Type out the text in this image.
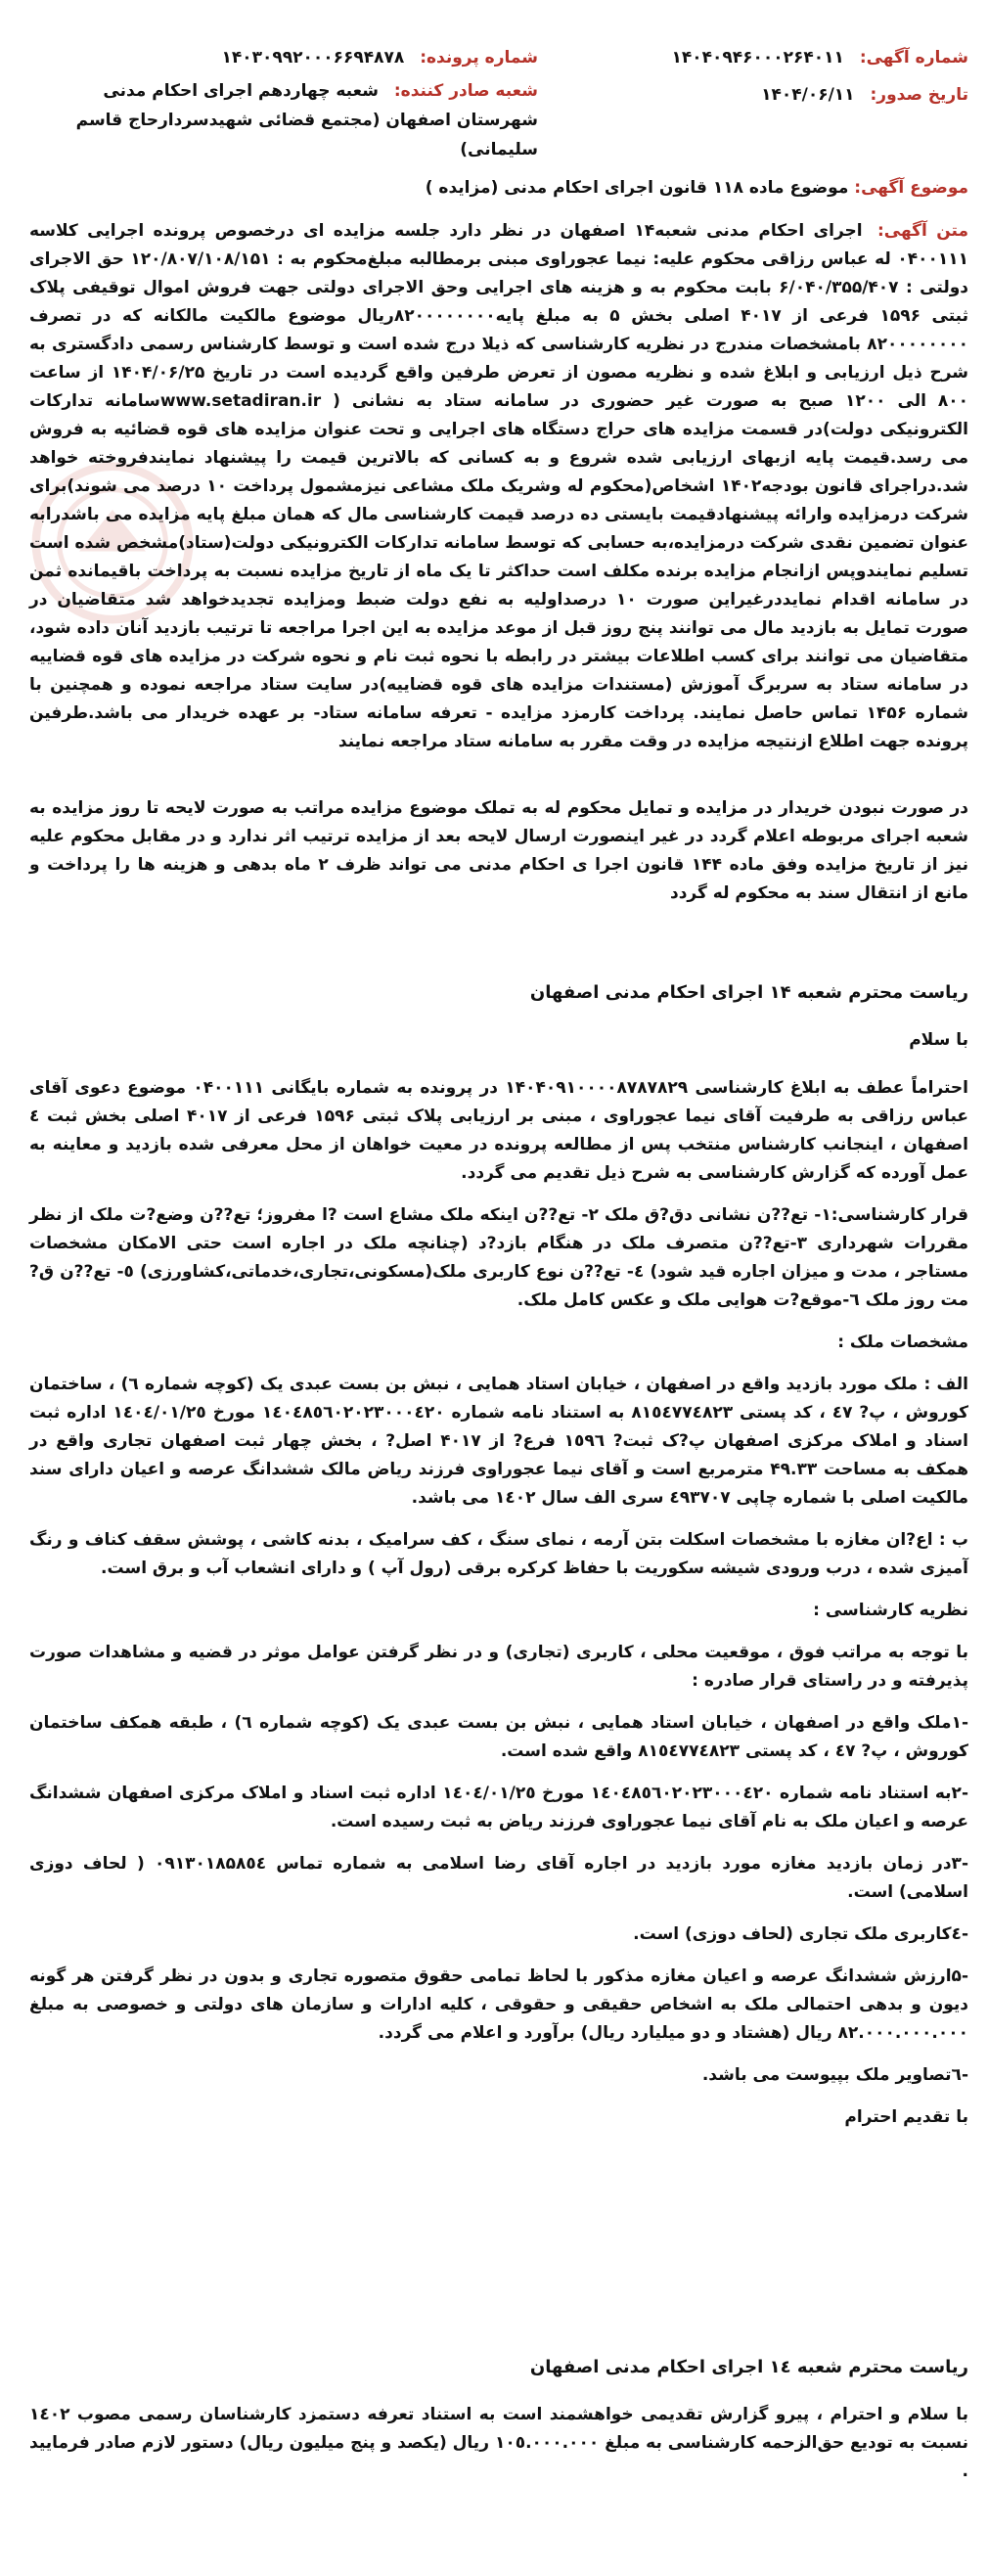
شماره آگهی: ۱۴۰۴۰۹۴۶۰۰۰۲۶۴۰۱۱
تاریخ صدور: ۱۴۰۴/۰۶/۱۱
شماره پرونده: ۱۴۰۳۰۹۹۲۰۰۰۶۶۹۴۸۷۸
شعبه صادر کننده: شعبه چهاردهم اجرای احکام مدنی شهرستان اصفهان (مجتمع قضائی شهیدسردارحاج قاسم سلیمانی)
موضوع آگهی: موضوع ماده ۱۱۸ قانون اجرای احکام مدنی (مزایده )
متن آگهی: اجرای احکام مدنی شعبه۱۴ اصفهان در نظر دارد جلسه مزایده ای درخصوص پرونده اجرایی کلاسه ۰۴۰۰۱۱۱ له عباس رزاقی محکوم علیه: نیما عجوراوی مبنی برمطالبه مبلغ‌محکوم به : ۱۲۰/۸۰۷/۱۰۸/۱۵۱ حق الاجرای دولتی : ۶/۰۴۰/۳۵۵/۴۰۷ بابت محکوم به و هزینه های اجرایی وحق الاجرای دولتی جهت فروش اموال توقیفی پلاک ثبتی ۱۵۹۶ فرعی از ۴۰۱۷ اصلی بخش ۵ به مبلغ پایه۸۲۰۰۰۰۰۰۰۰ریال موضوع مالکیت مالکانه که در تصرف ۸۲۰۰۰۰۰۰۰۰ بامشخصات مندرج در نظریه کارشناسی که ذیلا درج شده است و توسط کارشناس رسمی دادگستری به شرح ذیل ارزیابی و ابلاغ شده و نظریه مصون از تعرض طرفین واقع گردیده است در تاریخ ۱۴۰۴/۰۶/۲۵ از ساعت ۸۰۰ الی ۱۲۰۰ صبح به صورت غیر حضوری در سامانه ستاد به نشانی ( www.setadiran.irسامانه تدارکات الکترونیکی دولت)در قسمت مزایده های حراج دستگاه های اجرایی و تحت عنوان مزایده های قوه قضائیه به فروش می رسد.قیمت پایه ازبهای ارزیابی شده شروع و به کسانی که بالاترین قیمت را پیشنهاد نمایندفروخته خواهد شد.دراجرای قانون بودجه۱۴۰۲ اشخاص(محکوم له وشریک ملک مشاعی نیزمشمول پرداخت ۱۰ درصد می شوند)برای شرکت درمزایده وارائه پیشنهادقیمت بایستی ده درصد قیمت کارشناسی مال که همان مبلغ پایه مزایده می باشدرابه عنوان تضمین نقدی شرکت درمزایده،به حسابی که توسط سامانه تدارکات الکترونیکی دولت(ستاد)مشخص شده است تسلیم نمایندوپس ازانجام مزایده برنده مکلف است حداکثر تا یک ماه از تاریخ مزایده نسبت به پرداخت باقیمانده ثمن در سامانه اقدام نمایددرغیراین صورت ۱۰ درصداولیه به نفع دولت ضبط ومزایده تجدیدخواهد شد متقاضیان در صورت تمایل به بازدید مال می توانند پنج روز قبل از موعد مزایده به این اجرا مراجعه تا ترتیب بازدید آنان داده شود، متقاضیان می توانند برای کسب اطلاعات بیشتر در رابطه با نحوه ثبت نام و نحوه شرکت در مزایده های قوه قضاییه در سامانه ستاد به سربرگ آموزش (مستندات مزایده های قوه قضاییه)در سایت ستاد مراجعه نموده و همچنین با شماره ۱۴۵۶ تماس حاصل نمایند. پرداخت کارمزد مزایده - تعرفه سامانه ستاد- بر عهده خریدار می باشد.طرفین پرونده جهت اطلاع ازنتیجه مزایده در وقت مقرر به سامانه ستاد مراجعه نمایند
در صورت نبودن خریدار در مزایده و تمایل محکوم له به تملک موضوع مزایده مراتب به صورت لایحه تا روز مزایده به شعبه اجرای مربوطه اعلام گردد در غیر اینصورت ارسال لایحه بعد از مزایده ترتیب اثر ندارد و در مقابل محکوم علیه نیز از تاریخ مزایده وفق ماده ۱۴۴ قانون اجرا ی احکام مدنی می تواند ظرف ۲ ماه بدهی و هزینه ها را پرداخت و مانع از انتقال سند به محکوم له گردد

ریاست محترم شعبه ۱۴ اجرای احکام مدنی اصفهان

با سلام

احتراماً عطف به ابلاغ کارشناسی ۱۴۰۴۰۹۱۰۰۰۰۸۷۸۷۸۲۹ در پرونده به شماره بایگانی ۰۴۰۰۱۱۱ موضوع دعوی آقای عباس رزاقی به طرفیت آقای نیما عجوراوی ، مبنی بر ارزیابی پلاک ثبتی ۱۵۹۶ فرعی از ۴۰۱۷ اصلی بخش ثبت ٤ اصفهان ، اینجانب کارشناس منتخب پس از مطالعه پرونده در معیت خواهان از محل معرفی شده بازدید و معاینه به عمل آورده که گزارش کارشناسی به شرح ذیل تقدیم می گردد.

قرار کارشناسی:۱- تع??ن نشانی دق?ق ملک ۲- تع??ن اینکه ملک مشاع است ?ا مفروز؛ تع??ن وضع?ت ملک از نظر مقررات شهرداری ۳-تع??ن متصرف ملک در هنگام بازد?د (چنانچه ملک در اجاره است حتی الامکان مشخصات مستاجر ، مدت و میزان اجاره قید شود) ٤- تع??ن نوع کاربری ملک(مسکونی،تجاری،خدماتی،کشاورزی) ٥- تع??ن ق?مت روز ملک ٦-موقع?ت هوایی ملک و عکس کامل ملک.

مشخصات ملک :

الف : ملک مورد بازدید واقع در اصفهان ، خیابان استاد همایی ، نبش بن بست عبدی یک (کوچه شماره ٦) ، ساختمان کوروش ، پ? ٤٧ ، کد پستی ۸۱٥٤٧٧٤٨٢٣ به استناد نامه شماره ۱٤٠٤٨٥٦٠٢٠٢٣٠٠٠٤٢٠ مورخ ۱٤٠٤/۰۱/۲٥ اداره ثبت اسناد و املاک مرکزی اصفهان پ?ک ثبت? ۱٥٩٦ فرع? از ۴۰۱۷ اصل? ، بخش چهار ثبت اصفهان تجاری واقع در همکف به مساحت ۴۹.۳۳ مترمربع است و آقای نیما عجوراوی فرزند ریاض مالک ششدانگ عرصه و اعیان دارای سند مالکیت اصلی با شماره چاپی ٤٩٣٧٠٧ سری الف سال ۱٤٠٢ می باشد.

ب : اع?ان مغازه با مشخصات اسکلت بتن آرمه ، نمای سنگ ، کف سرامیک ، بدنه کاشی ، پوشش سقف کناف و رنگ آمیزی شده ، درب ورودی شیشه سکوریت با حفاظ کرکره برقی (رول آپ ) و دارای انشعاب آب و برق است.

نظریه کارشناسی :

با توجه به مراتب فوق ، موقعیت محلی ، کاربری (تجاری) و در نظر گرفتن عوامل موثر در قضیه و مشاهدات صورت پذیرفته و در راستای قرار صادره :

-۱ملک واقع در اصفهان ، خیابان استاد همایی ، نبش بن بست عبدی یک (کوچه شماره ٦) ، طبقه همکف ساختمان کوروش ، پ? ٤٧ ، کد پستی ۸۱٥٤٧٧٤٨٢٣ واقع شده است.

-۲به استناد نامه شماره ۱٤٠٤٨٥٦٠٢٠٢٣٠٠٠٤٢٠ مورخ ۱٤٠٤/۰۱/۲٥ اداره ثبت اسناد و املاک مرکزی اصفهان ششدانگ عرصه و اعیان ملک به نام آقای نیما عجوراوی فرزند ریاض به ثبت رسیده است.

-۳در زمان بازدید مغازه مورد بازدید در اجاره آقای رضا اسلامی به شماره تماس ۰۹۱۳۰۱۸۵۸٥٤ ( لحاف دوزی اسلامی) است.

-٤کاربری ملک تجاری (لحاف دوزی) است.

-۵ارزش ششدانگ عرصه و اعیان مغازه مذکور با لحاظ تمامی حقوق متصوره تجاری و بدون در نظر گرفتن هر گونه دیون و بدهی احتمالی ملک به اشخاص حقیقی و حقوقی ، کلیه ادارات و سازمان های دولتی و خصوصی به مبلغ ۸۲.۰۰۰.۰۰۰.۰۰۰ ریال (هشتاد و دو میلیارد ریال) برآورد و اعلام می گردد.

-٦تصاویر ملک بپیوست می باشد.

با تقدیم احترام

ریاست محترم شعبه ١٤ اجرای احکام مدنی اصفهان

با سلام و احترام ، پیرو گزارش تقدیمی خواهشمند است به استناد تعرفه دستمزد کارشناسان رسمی مصوب ۱٤٠٢ نسبت به تودیع حق‌الزحمه کارشناسی به مبلغ ۱۰٥.۰۰۰.۰۰۰ ریال (یکصد و پنج میلیون ریال) دستور لازم صادر فرمایید .
